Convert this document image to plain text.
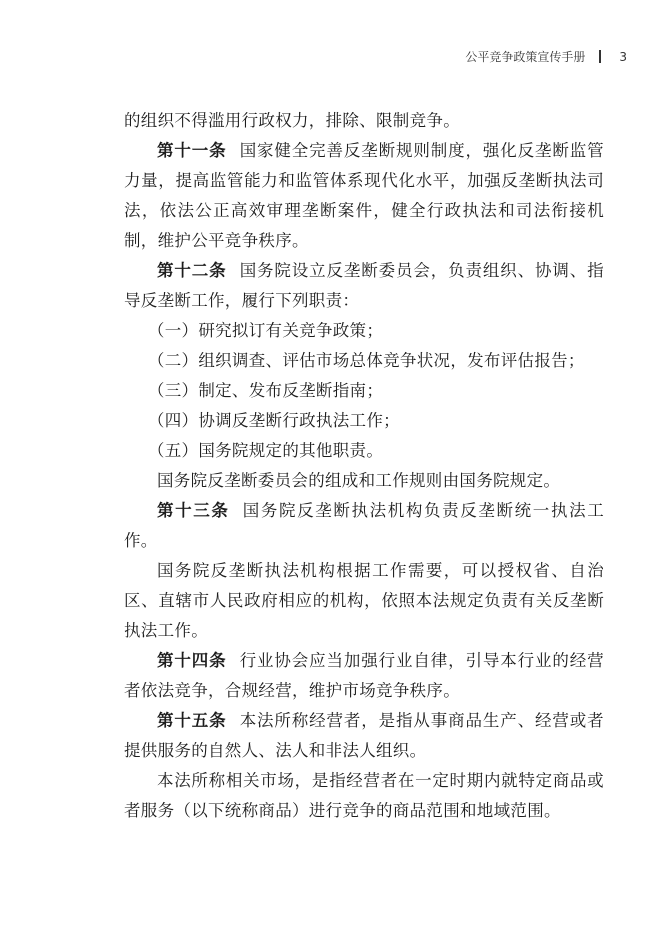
公平竞争政策宣传手册	3

的组织不得滥用行政权力，排除、限制竞争。

第十一条 国家健全完善反垄断规则制度，强化反垄断监管力量，提高监管能力和监管体系现代化水平，加强反垄断执法司法，依法公正高效审理垄断案件，健全行政执法和司法衔接机制，维护公平竞争秩序。

第十二条 国务院设立反垄断委员会，负责组织、协调、指导反垄断工作，履行下列职责：

（一）研究拟订有关竞争政策；

（二）组织调查、评估市场总体竞争状况，发布评估报告；

（三）制定、发布反垄断指南；

（四）协调反垄断行政执法工作；

（五）国务院规定的其他职责。

国务院反垄断委员会的组成和工作规则由国务院规定。

第十三条 国务院反垄断执法机构负责反垄断统一执法工作。

国务院反垄断执法机构根据工作需要，可以授权省、自治区、直辖市人民政府相应的机构，依照本法规定负责有关反垄断执法工作。

第十四条 行业协会应当加强行业自律，引导本行业的经营者依法竞争，合规经营，维护市场竞争秩序。

第十五条 本法所称经营者，是指从事商品生产、经营或者提供服务的自然人、法人和非法人组织。

本法所称相关市场，是指经营者在一定时期内就特定商品或者服务（以下统称商品）进行竞争的商品范围和地域范围。
